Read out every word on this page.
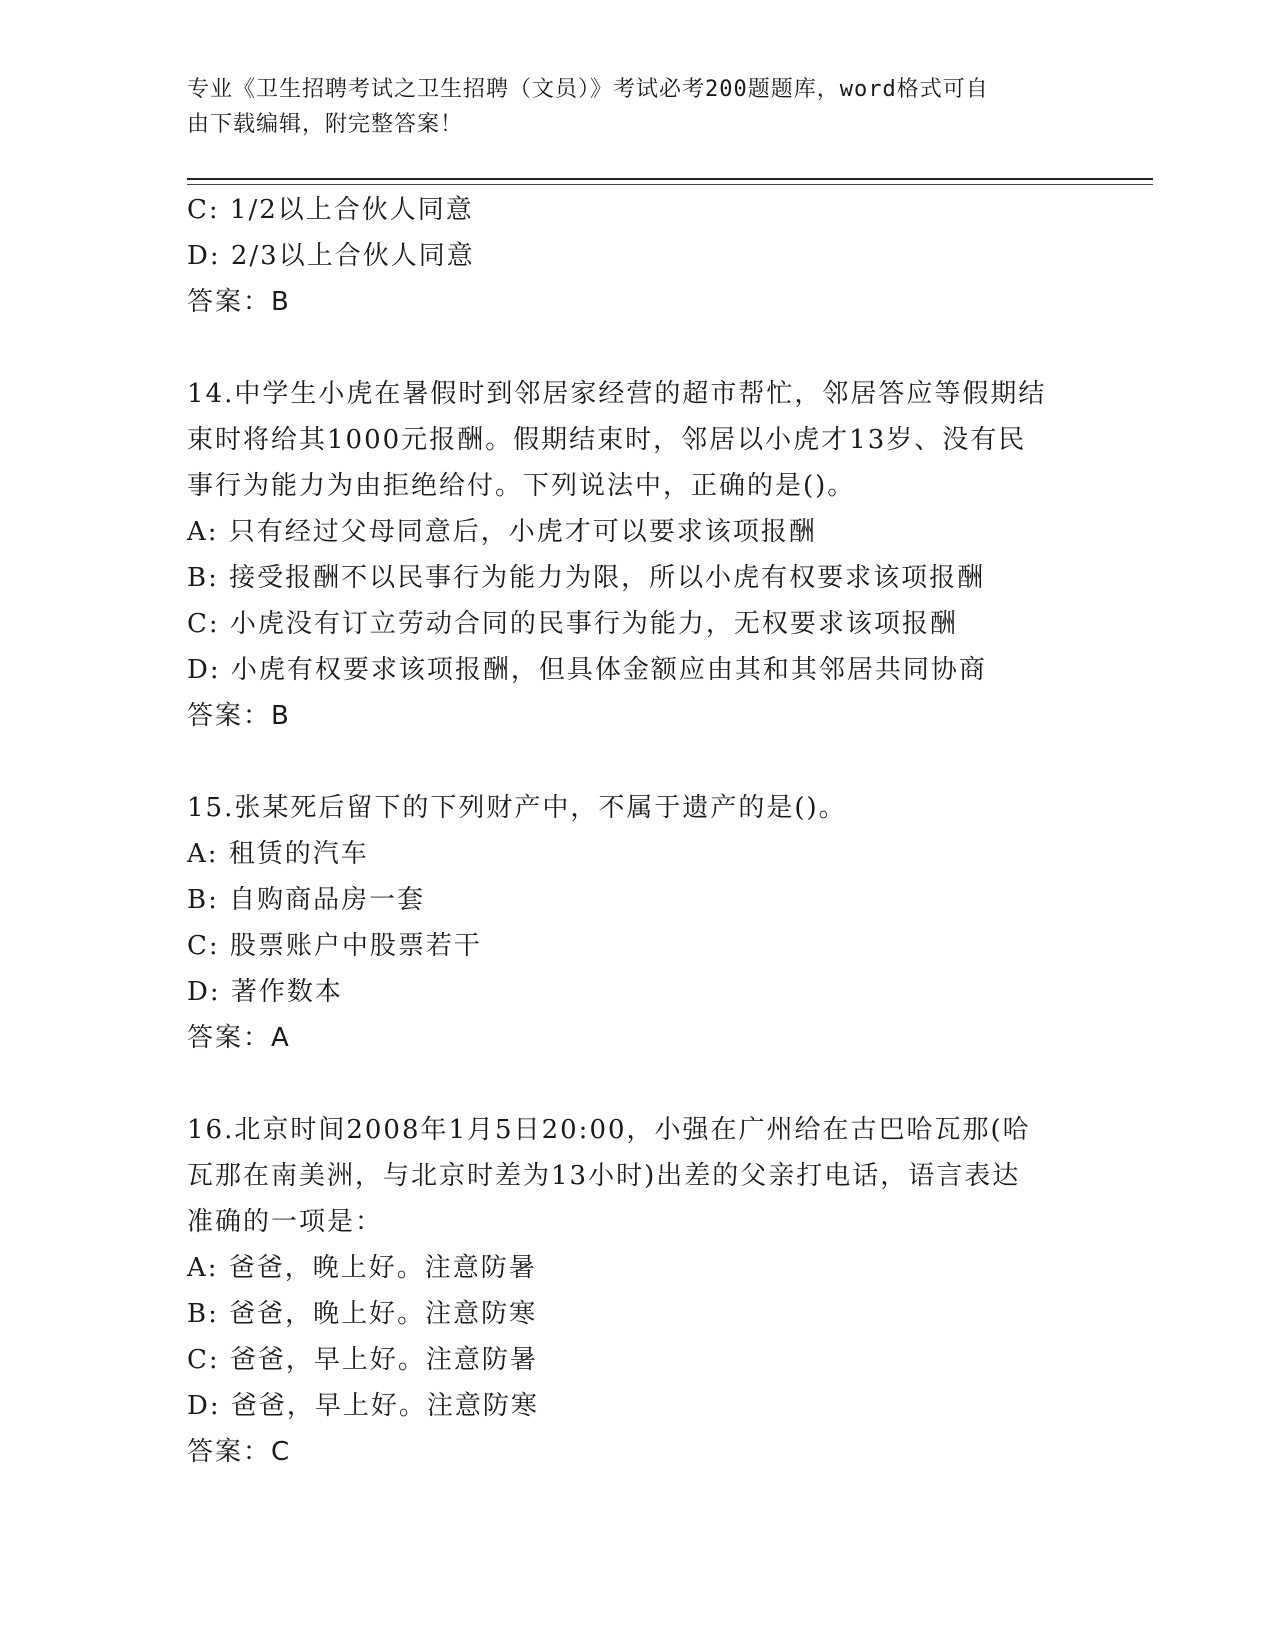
专业《卫生招聘考试之卫生招聘（文员）》考试必考200题题库，word格式可自
由下载编辑，附完整答案！
C: 1/2以上合伙人同意
D: 2/3以上合伙人同意
答案：B
14.中学生小虎在暑假时到邻居家经营的超市帮忙，邻居答应等假期结
束时将给其1000元报酬。假期结束时，邻居以小虎才13岁、没有民
事行为能力为由拒绝给付。下列说法中，正确的是()。
A: 只有经过父母同意后，小虎才可以要求该项报酬
B: 接受报酬不以民事行为能力为限，所以小虎有权要求该项报酬
C: 小虎没有订立劳动合同的民事行为能力，无权要求该项报酬
D: 小虎有权要求该项报酬，但具体金额应由其和其邻居共同协商
答案：B
15.张某死后留下的下列财产中，不属于遗产的是()。
A: 租赁的汽车
B: 自购商品房一套
C: 股票账户中股票若干
D: 著作数本
答案：A
16.北京时间2008年1月5日20:00，小强在广州给在古巴哈瓦那(哈
瓦那在南美洲，与北京时差为13小时)出差的父亲打电话，语言表达
准确的一项是：
A: 爸爸，晚上好。注意防暑
B: 爸爸，晚上好。注意防寒
C: 爸爸，早上好。注意防暑
D: 爸爸，早上好。注意防寒
答案：C
